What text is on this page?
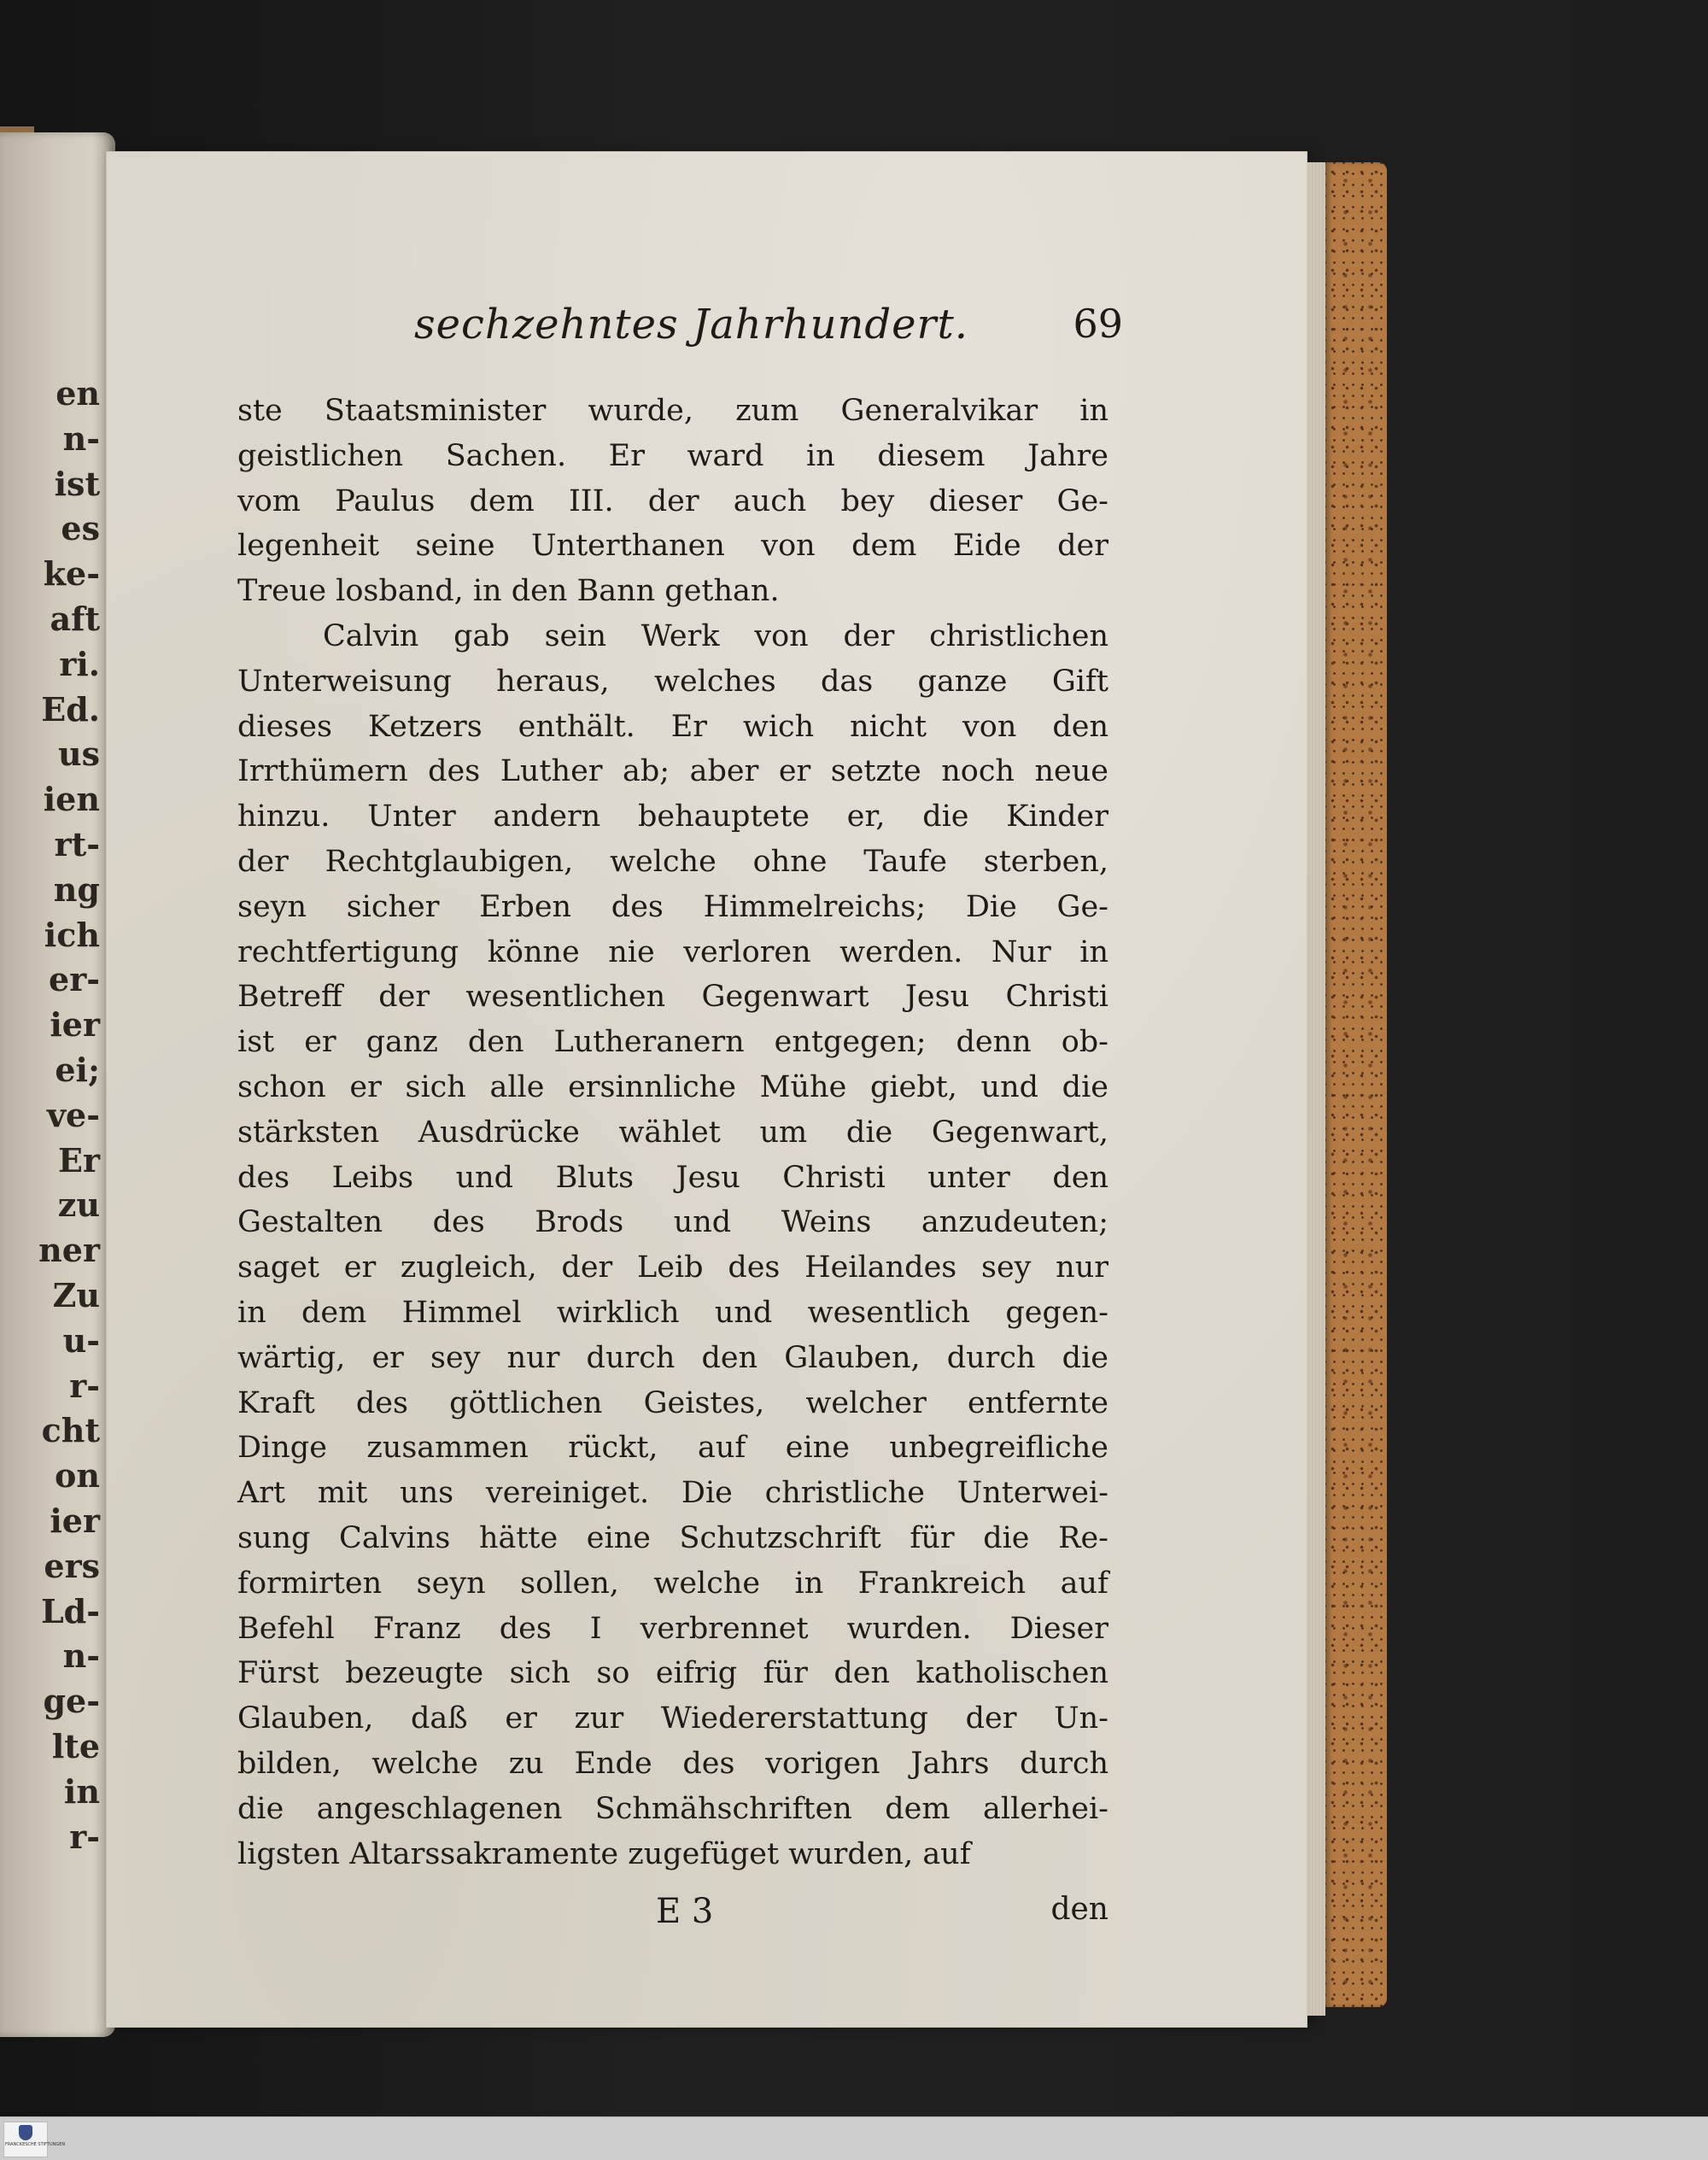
en
n-
ist
es
ke-
aft
ri.
Ed.
us
ien
rt-
ng
ich
er-
ier
ei;
ve-
Er
zu
ner
Zu
u-
r-
cht
on
ier
ers
Ld-
n-
ge-
lte
in
r-
sechzehntes Jahrhundert.	69
ste Staatsminister wurde, zum Generalvikar in
geistlichen Sachen. Er ward in diesem Jahre
vom Paulus dem III. der auch bey dieser Ge-
legenheit seine Unterthanen von dem Eide der
Treue losband, in den Bann gethan.
Calvin gab sein Werk von der christlichen
Unterweisung heraus, welches das ganze Gift
dieses Ketzers enthält. Er wich nicht von den
Irrthümern des Luther ab; aber er setzte noch neue
hinzu. Unter andern behauptete er, die Kinder
der Rechtglaubigen, welche ohne Taufe sterben,
seyn sicher Erben des Himmelreichs; Die Ge-
rechtfertigung könne nie verloren werden. Nur in
Betreff der wesentlichen Gegenwart Jesu Christi
ist er ganz den Lutheranern entgegen; denn ob-
schon er sich alle ersinnliche Mühe giebt, und die
stärksten Ausdrücke wählet um die Gegenwart,
des Leibs und Bluts Jesu Christi unter den
Gestalten des Brods und Weins anzudeuten;
saget er zugleich, der Leib des Heilandes sey nur
in dem Himmel wirklich und wesentlich gegen-
wärtig, er sey nur durch den Glauben, durch die
Kraft des göttlichen Geistes, welcher entfernte
Dinge zusammen rückt, auf eine unbegreifliche
Art mit uns vereiniget. Die christliche Unterwei-
sung Calvins hätte eine Schutzschrift für die Re-
formirten seyn sollen, welche in Frankreich auf
Befehl Franz des I verbrennet wurden. Dieser
Fürst bezeugte sich so eifrig für den katholischen
Glauben, daß er zur Wiedererstattung der Un-
bilden, welche zu Ende des vorigen Jahrs durch
die angeschlagenen Schmähschriften dem allerhei-
ligsten Altarssakramente zugefüget wurden, auf
E 3	den
FRANCKESCHE STIFTUNGEN
